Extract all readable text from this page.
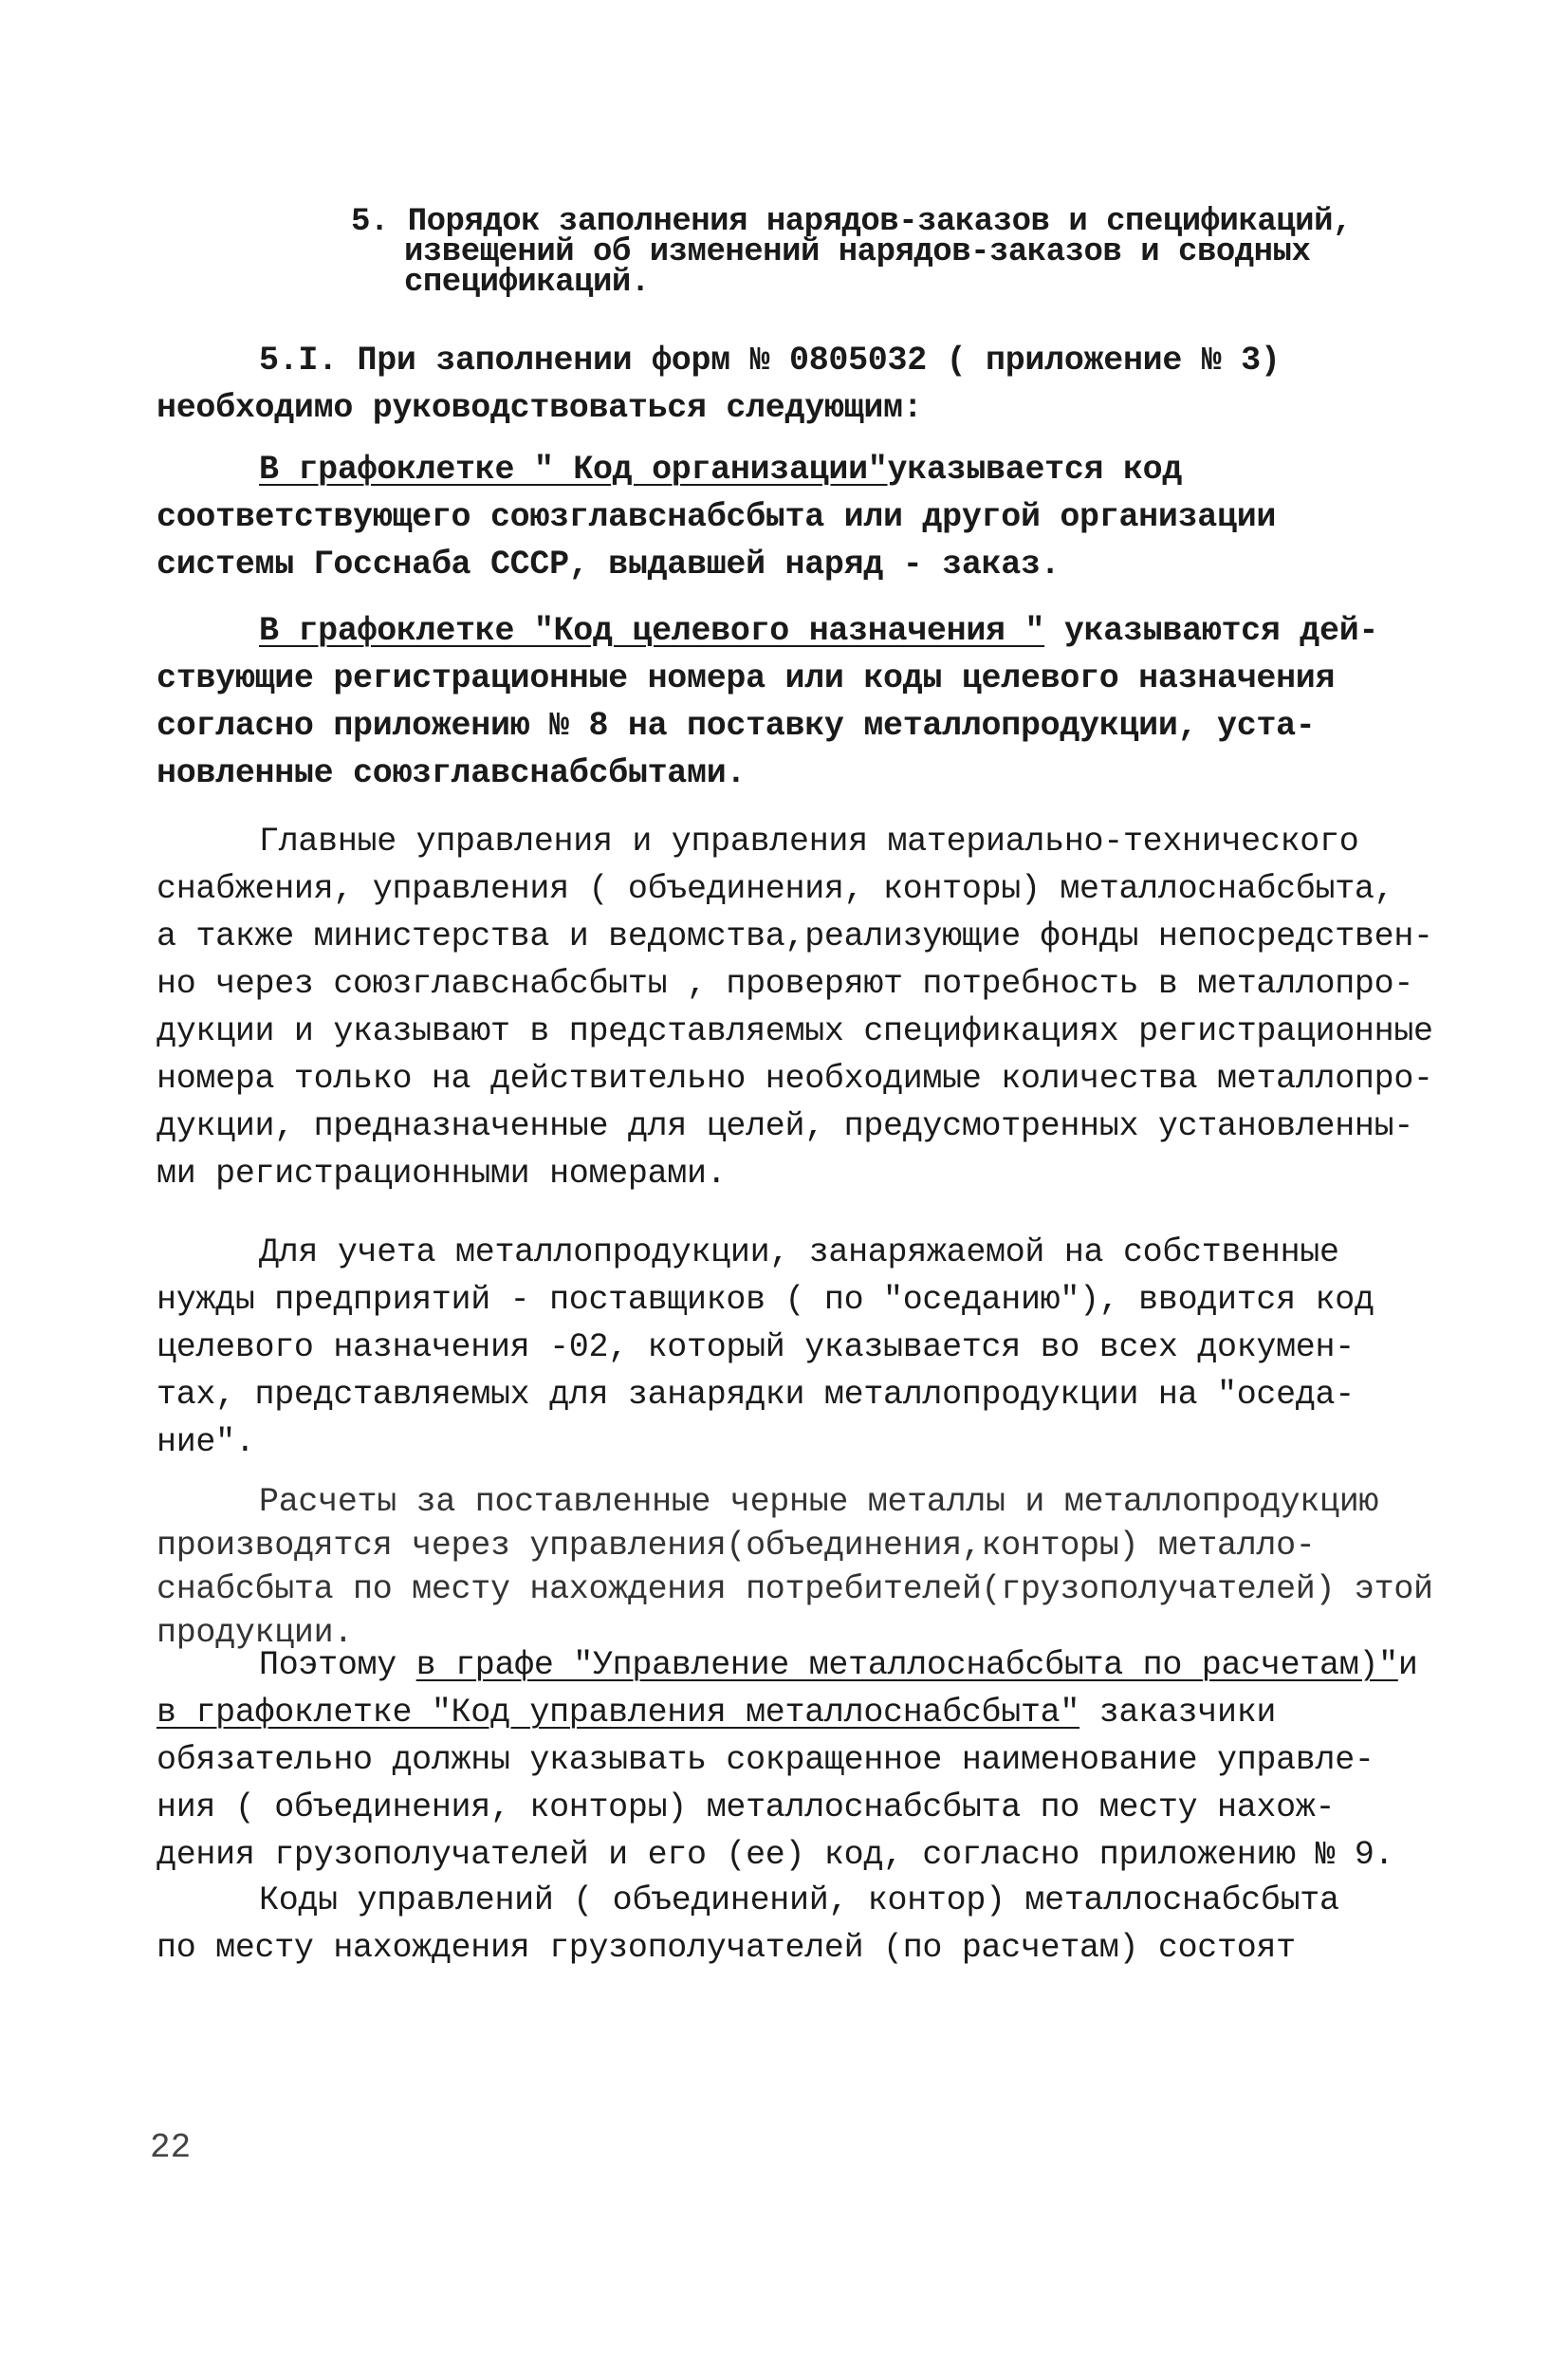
5. Порядок заполнения нарядов-заказов и спецификаций,
извещений об изменений нарядов-заказов и сводных
спецификаций.
5.I. При заполнении форм № 0805032 ( приложение № 3)
необходимо руководствоваться следующим:
В графоклетке " Код организации"указывается код
соответствующего союзглавснабсбыта или другой организации
системы Госснаба СССР, выдавшей наряд - заказ.
В графоклетке "Код целевого назначения " указываются дей-
ствующие регистрационные номера или коды целевого назначения
согласно приложению № 8 на поставку металлопродукции, уста-
новленные союзглавснабсбытами.
Главные управления и управления материально-технического
снабжения, управления ( объединения, конторы) металлоснабсбыта,
а также министерства и ведомства,реализующие фонды непосредствен-
но через союзглавснабсбыты , проверяют потребность в металлопро-
дукции и указывают в представляемых спецификациях регистрационные
номера только на действительно необходимые количества металлопро-
дукции, предназначенные для целей, предусмотренных установленны-
ми регистрационными номерами.
Для учета металлопродукции, занаряжаемой на собственные
нужды предприятий - поставщиков ( по "оседанию"), вводится код
целевого назначения -02, который указывается во всех докумен-
тах, представляемых для занарядки металлопродукции на "оседа-
ние".
Расчеты за поставленные черные металлы и металлопродукцию
производятся через управления(объединения,конторы) металло-
снабсбыта по месту нахождения потребителей(грузополучателей) этой
продукции.
Поэтому в графе "Управление металлоснабсбыта по расчетам)"и
в графоклетке "Код управления металлоснабсбыта" заказчики
обязательно должны указывать сокращенное наименование управле-
ния ( объединения, конторы) металлоснабсбыта по месту нахож-
дения грузополучателей и его (ее) код, согласно приложению № 9.
Коды управлений ( объединений, контор) металлоснабсбыта
по месту нахождения грузополучателей (по расчетам) состоят
22
